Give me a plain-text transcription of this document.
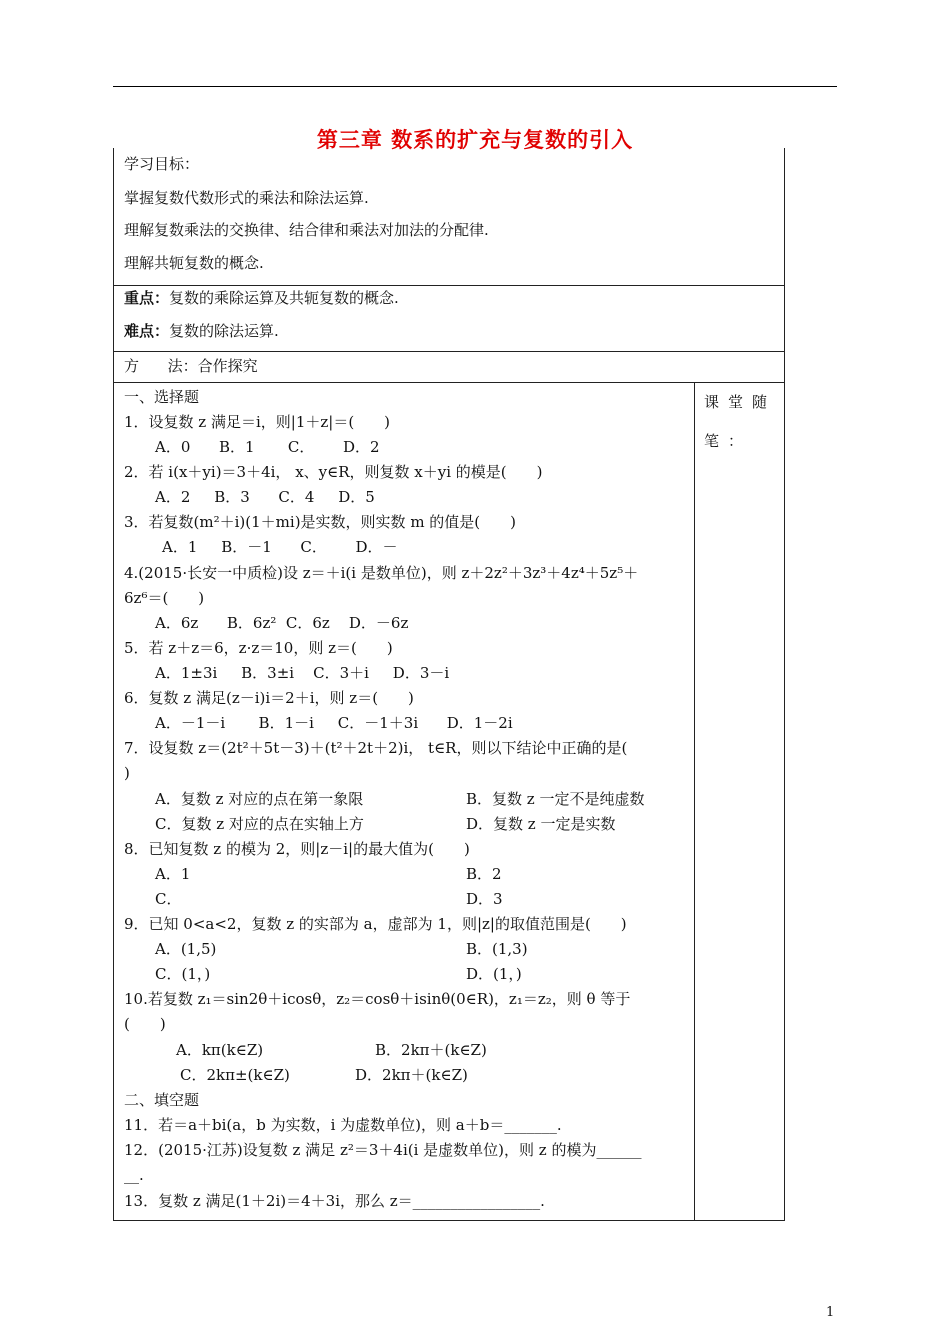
第三章 数系的扩充与复数的引入
学习目标：
掌握复数代数形式的乘法和除法运算.
理解复数乘法的交换律、结合律和乘法对加法的分配律.
理解共轭复数的概念.
重点：复数的乘除运算及共轭复数的概念.
难点：复数的除法运算.
方      法：合作探究
课堂随
笔：
一、选择题
1．设复数 z 满足＝i，则|1＋z|＝(　　)
A．0      B．1       C．      D．2
2．若 i(x＋yi)＝3＋4i， x、y∈R，则复数 x＋yi 的模是(　　)
A．2     B．3      C．4     D．5
3．若复数(m²＋i)(1＋mi)是实数，则实数 m 的值是(　　)
A．1     B．－1      C．      D．－
4.(2015·长安一中质检)设 z＝＋i(i 是数单位)，则 z＋2z²＋3z³＋4z⁴＋5z⁵＋
6z⁶＝(　　)
A．6z      B．6z²  C．6z    D．－6z
5．若 z＋z＝6，z·z＝10，则 z＝(　　)
A．1±3i     B．3±i    C．3＋i     D．3－i
6．复数 z 满足(z－i)i＝2＋i，则 z＝(　　)
A．－1－i       B．1－i     C．－1＋3i      D．1－2i
7．设复数 z＝(2t²＋5t－3)＋(t²＋2t＋2)i， t∈R，则以下结论中正确的是(
)
A．复数 z 对应的点在第一象限	B．复数 z 一定不是纯虚数
C．复数 z 对应的点在实轴上方	D．复数 z 一定是实数
8．已知复数 z 的模为 2，则|z－i|的最大值为(　　)
A．1	B．2
C．	D．3
9．已知 0<a<2，复数 z 的实部为 a，虚部为 1，则|z|的取值范围是(　　)
A．(1,5)	B．(1,3)
C．(1，)	D．(1，)
10.若复数 z₁＝sin2θ＋icosθ，z₂＝cosθ＋isinθ(0∈R)，z₁＝z₂，则 θ 等于
(　　)
A．kπ(k∈Z)	B．2kπ＋(k∈Z)
C．2kπ±(k∈Z)	D．2kπ＋(k∈Z)
二、填空题
11．若＝a＋bi(a，b 为实数，i 为虚数单位)，则 a＋b＝_______.
12．(2015·江苏)设复数 z 满足 z²＝3＋4i(i 是虚数单位)，则 z 的模为______
__.
13．复数 z 满足(1＋2i)＝4＋3i，那么 z＝_________________.
1
